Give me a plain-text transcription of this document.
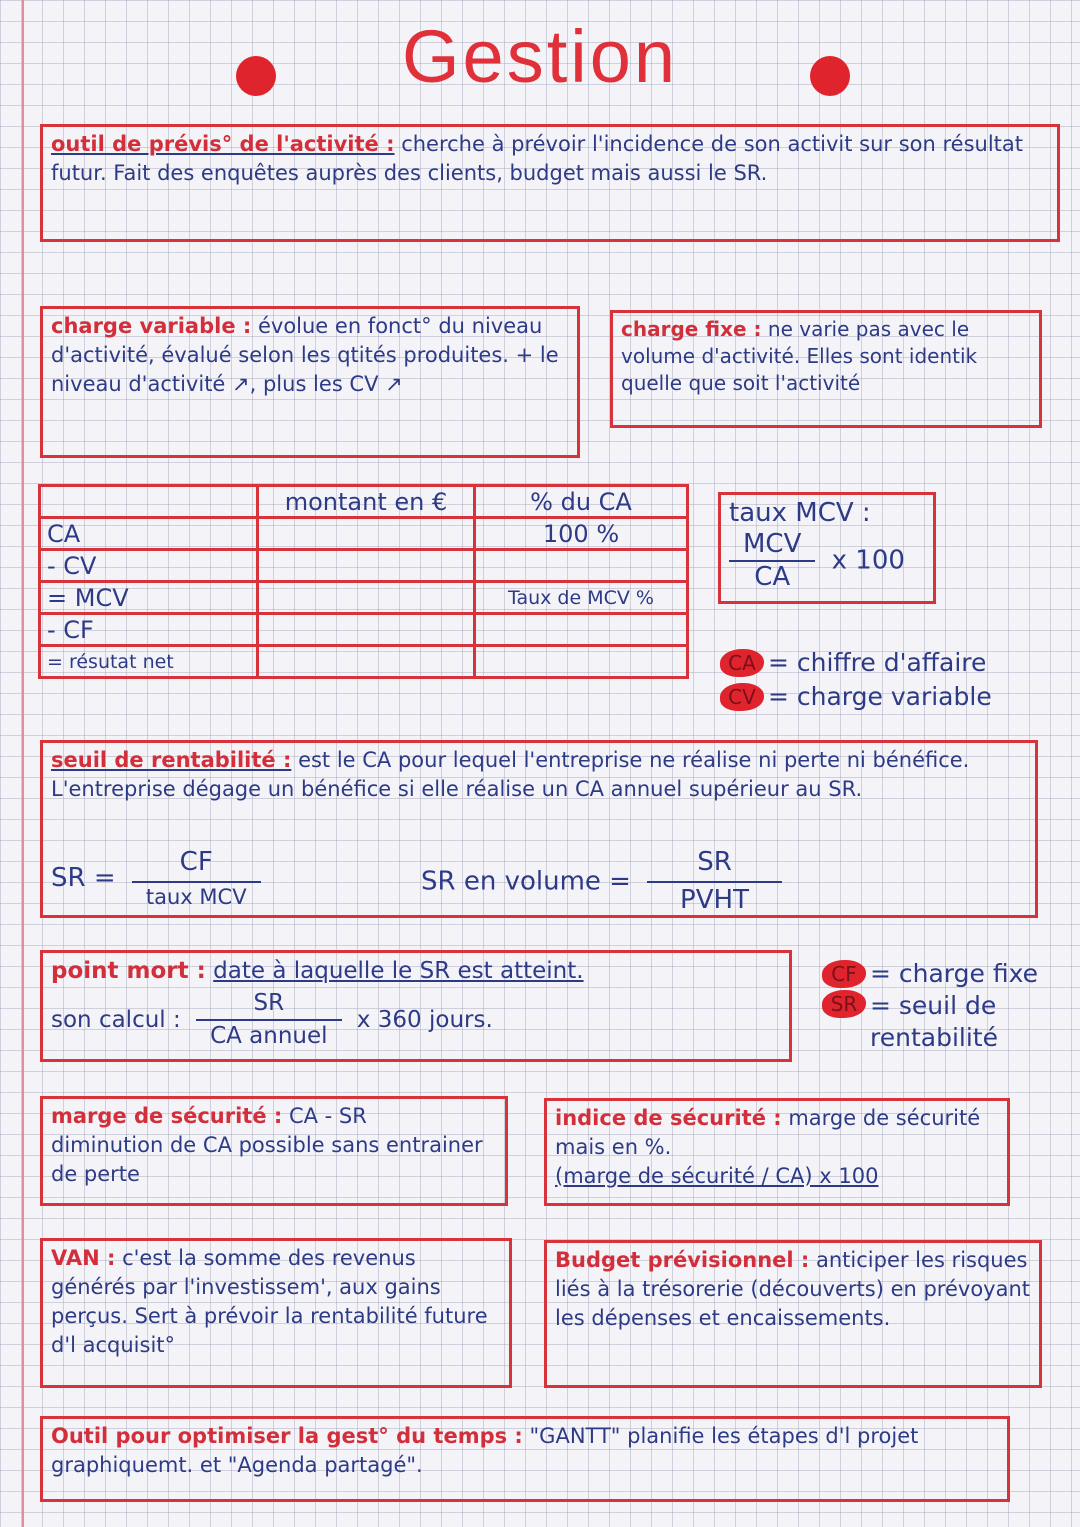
Gestion
outil de prévis° de l'activité : cherche à prévoir l'incidence de son activit sur son résultat futur. Fait des enquêtes auprès des clients, budget mais aussi le SR.
charge variable : évolue en fonct° du niveau d'activité, évalué selon les qtités produites. + le niveau d'activité ↗, plus les CV ↗
charge fixe : ne varie pas avec le volume d'activité. Elles sont identik quelle que soit l'activité
	montant en €	% du CA
CA		100 %
- CV		
= MCV		Taux de MCV %
- CF		
= résutat net		
taux MCV :
$\frac{\text{MCV}}{CA}$ x 100
CA = chiffre d'affaire
CV = charge variable
seuil de rentabilité : est le CA pour lequel l'entreprise ne réalise ni perte ni bénéfice. L'entreprise dégage un bénéfice si elle réalise un CA annuel supérieur au SR.
SR = $\frac{CF}{\text{taux MCV}}$	SR en volume = $\frac{SR}{\text{PVHT}}$
point mort : date à laquelle le SR est atteint.
son calcul : $\frac{SR}{\text{CA annuel}}$ x 360 jours.
CF = charge fixe
SR = seuil de rentabilité
marge de sécurité : CA - SR
diminution de CA possible sans entrainer de perte
indice de sécurité : marge de sécurité mais en %.
(marge de sécurité / CA) x 100
VAN : c'est la somme des revenus générés par l'investissem', aux gains perçus. Sert à prévoir la rentabilité future d'l acquisit°
Budget prévisionnel : anticiper les risques liés à la trésorerie (découverts) en prévoyant les dépenses et encaissements.
Outil pour optimiser la gest° du temps : "GANTT" planifie les étapes d'l projet graphiquemt. et "Agenda partagé".
